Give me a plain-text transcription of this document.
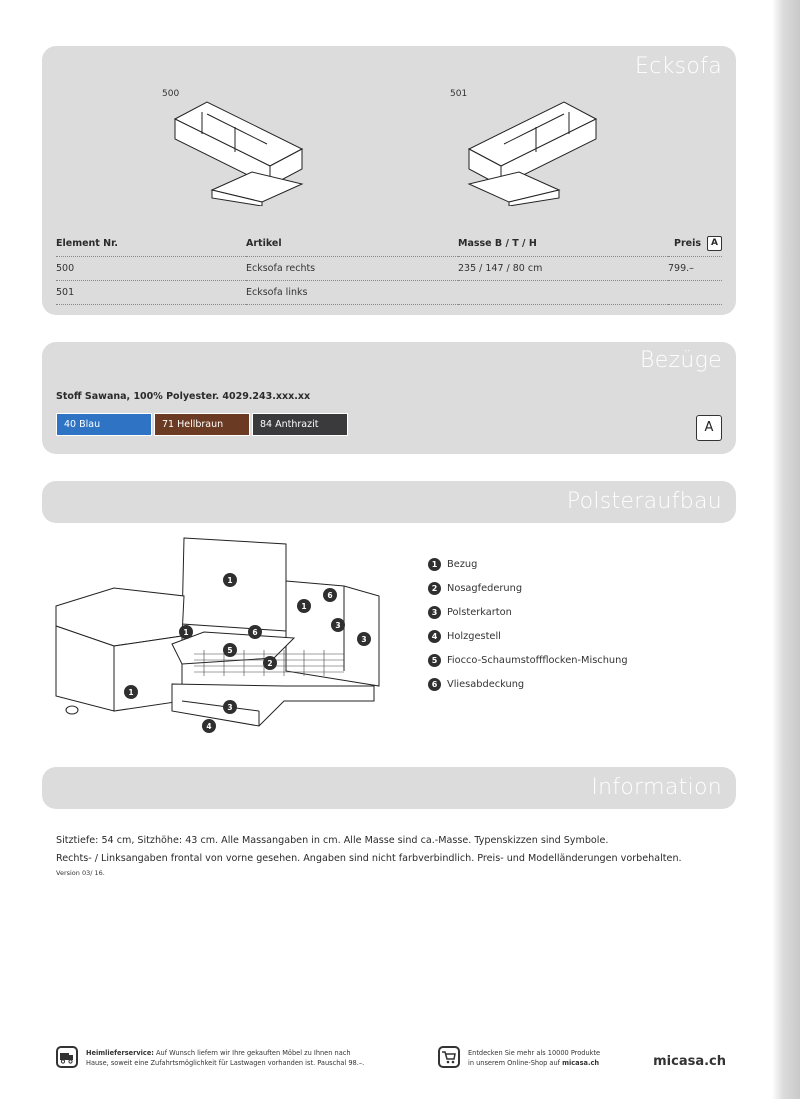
Ecksofa
500	501
Element Nr.	Artikel	Masse B / T / H	Preis A
500	Ecksofa rechts	235 / 147 / 80 cm	799.–
501	Ecksofa links		
Bezüge
Stoff Sawana, 100% Polyester. 4029.243.xxx.xx
40 Blau	71 Hellbraun	84 Anthrazit	A
Polsteraufbau
1
1
6
3
3
1	6
5
2
1
3
4
1 Bezug
2 Nosagfederung
3 Polsterkarton
4 Holzgestell
5 Fiocco-Schaumstoffflocken-Mischung
6 Vliesabdeckung
Information
Sitztiefe: 54 cm, Sitzhöhe: 43 cm. Alle Massangaben in cm. Alle Masse sind ca.-Masse. Typenskizzen sind Symbole.
Rechts- / Linksangaben frontal von vorne gesehen. Angaben sind nicht farbverbindlich. Preis- und Modelländerungen vorbehalten.
Version 03/ 16.
Heimlieferservice: Auf Wunsch liefern wir Ihre gekauften Möbel zu Ihnen nach
Hause, soweit eine Zufahrtsmöglichkeit für Lastwagen vorhanden ist. Pauschal 98.–.
Entdecken Sie mehr als 10000 Produkte
in unserem Online-Shop auf micasa.ch	micasa.ch
